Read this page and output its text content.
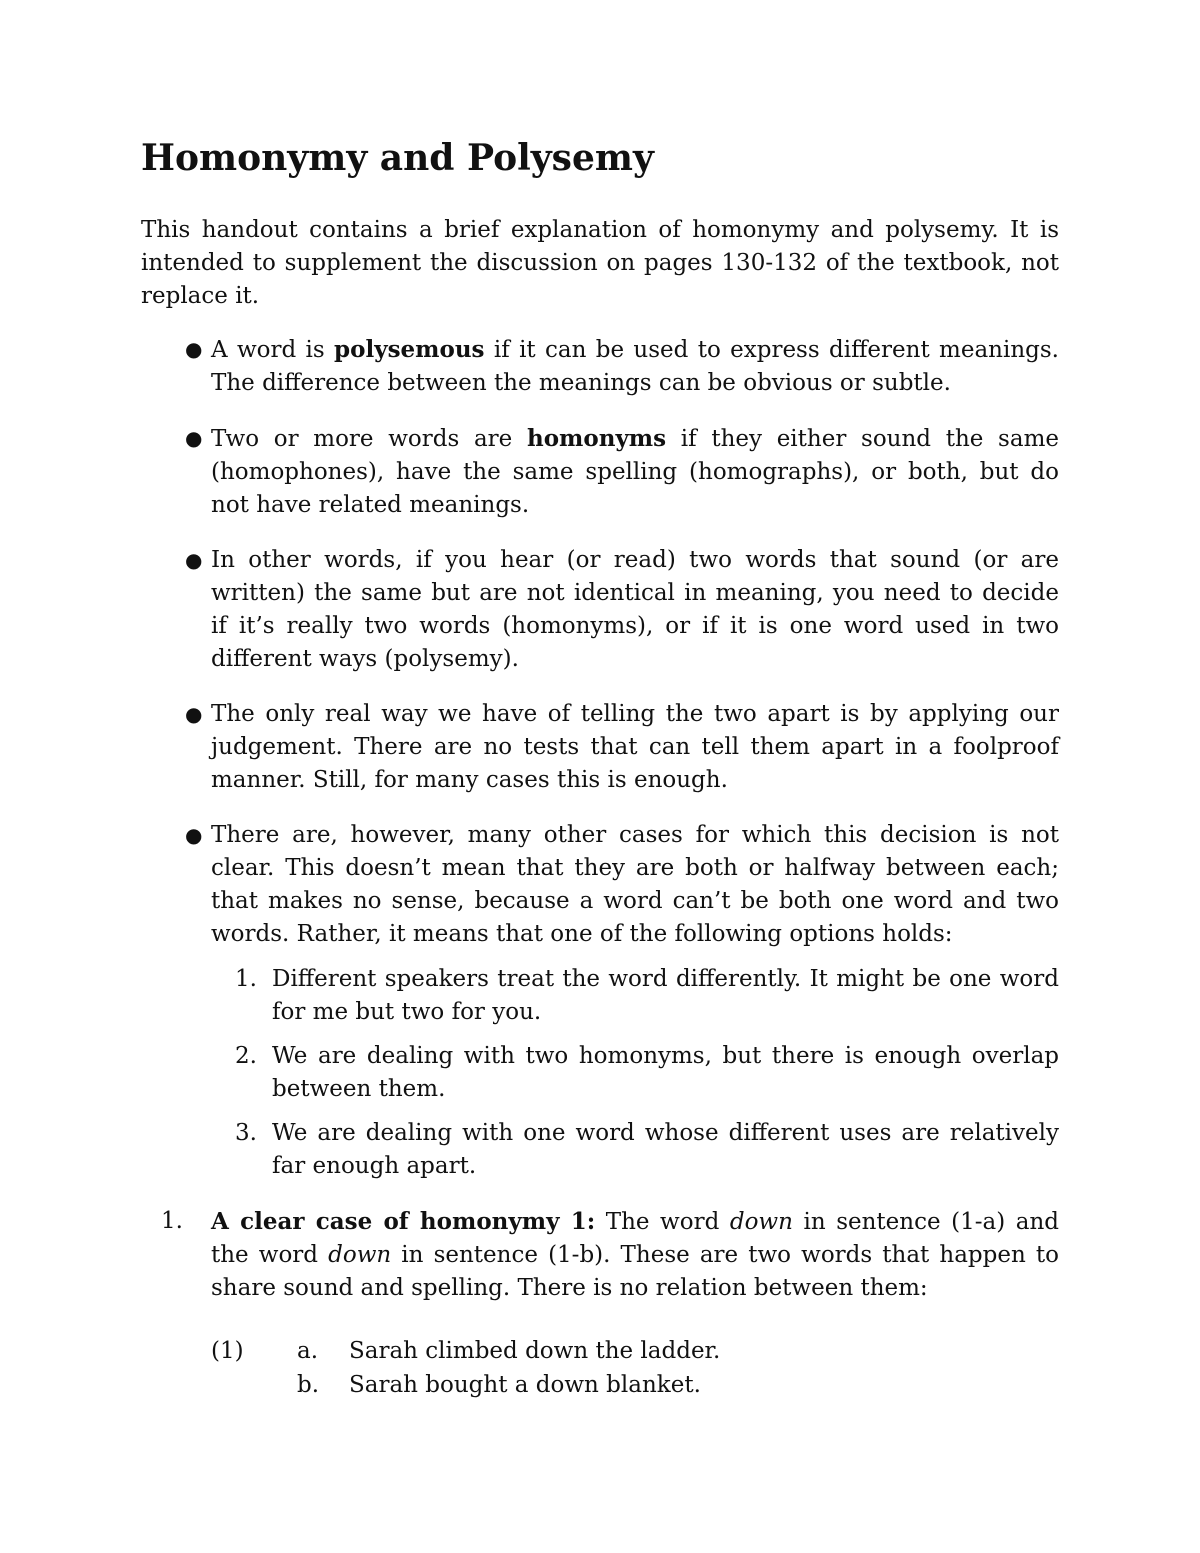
Homonymy and Polysemy

This handout contains a brief explanation of homonymy and polysemy. It is intended to supplement the discussion on pages 130-132 of the textbook, not replace it.

● A word is polysemous if it can be used to express different meanings. The difference between the meanings can be obvious or subtle.
● Two or more words are homonyms if they either sound the same (homophones), have the same spelling (homographs), or both, but do not have related meanings.
● In other words, if you hear (or read) two words that sound (or are written) the same but are not identical in meaning, you need to decide if it’s really two words (homonyms), or if it is one word used in two different ways (polysemy).
● The only real way we have of telling the two apart is by applying our judgement. There are no tests that can tell them apart in a foolproof manner. Still, for many cases this is enough.
● There are, however, many other cases for which this decision is not clear. This doesn’t mean that they are both or halfway between each; that makes no sense, because a word can’t be both one word and two words. Rather, it means that one of the following options holds:
1. Different speakers treat the word differently. It might be one word for me but two for you.
2. We are dealing with two homonyms, but there is enough overlap between them.
3. We are dealing with one word whose different uses are relatively far enough apart.
1. A clear case of homonymy 1: The word down in sentence (1-a) and the word down in sentence (1-b). These are two words that happen to share sound and spelling. There is no relation between them:
(1) a. Sarah climbed down the ladder.
b. Sarah bought a down blanket.
